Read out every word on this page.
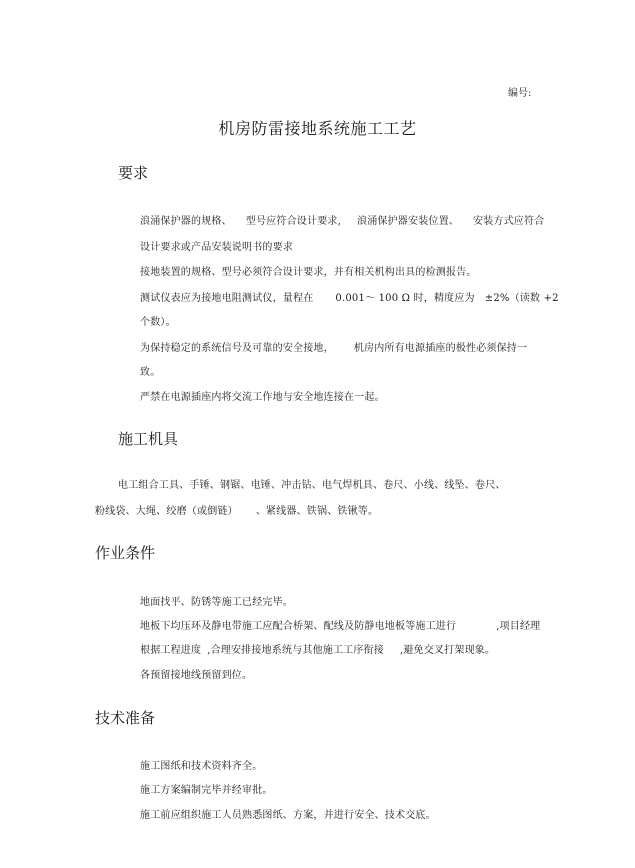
编号:
机房防雷接地系统施工工艺
要求
浪涌保护器的规格、 型号应符合设计要求, 浪涌保护器安装位置、 安装方式应符合
设计要求或产品安装说明书的要求
接地装置的规格、型号必须符合设计要求，并有相关机构出具的检测报告。
测试仪表应为接地电阻测试仪，量程在 0.001～ 100 Ω 时，精度应为 ±2%（读数 +2
个数）。
为保持稳定的系统信号及可靠的安全接地， 机房内所有电源插座的极性必须保持一
致。
严禁在电源插座内将交流工作地与安全地连接在一起。
施工机具
电工组合工具、手锤、钢锯、电锤、冲击钻、电气焊机具、卷尺、小线、线坠、卷尺、
粉线袋、大绳、绞磨（或倒链） 、紧线器、铁锅、铁锹等。
作业条件
地面找平、防锈等施工已经完毕。
地板下均压环及静电带施工应配合桥架、配线及防静电地板等施工进行	,项目经理
根据工程进度 ,合理安排接地系统与其他施工工序衔接 ,避免交叉打架现象。
各预留接地线预留到位。
技术准备
施工图纸和技术资料齐全。
施工方案编制完毕并经审批。
施工前应组织施工人员熟悉图纸、方案，并进行安全、技术交底。
